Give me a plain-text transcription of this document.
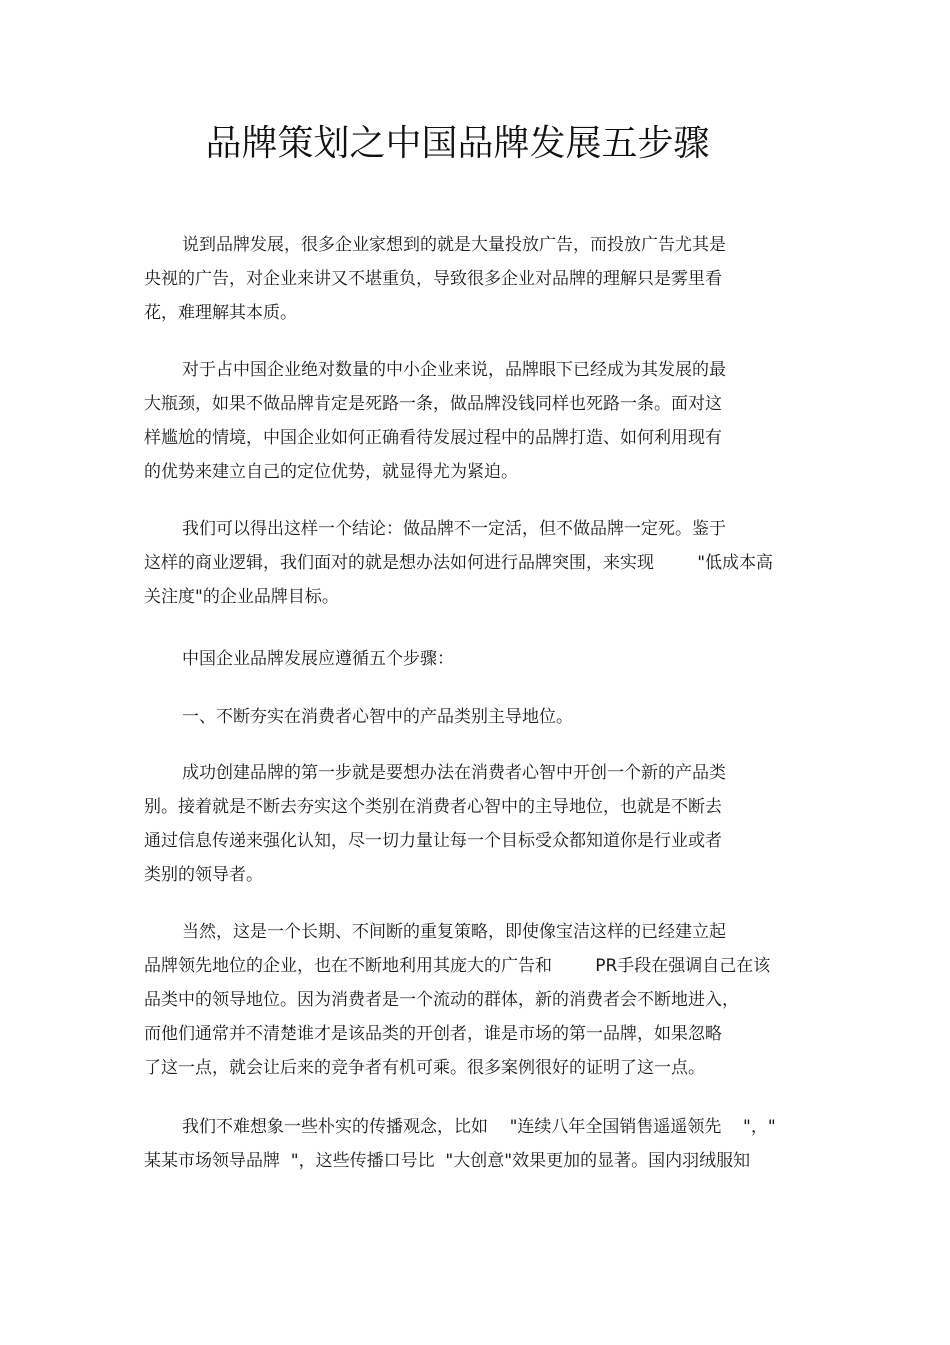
品牌策划之中国品牌发展五步骤
说到品牌发展，很多企业家想到的就是大量投放广告，而投放广告尤其是
央视的广告，对企业来讲又不堪重负，导致很多企业对品牌的理解只是雾里看
花，难理解其本质。
对于占中国企业绝对数量的中小企业来说，品牌眼下已经成为其发展的最
大瓶颈，如果不做品牌肯定是死路一条，做品牌没钱同样也死路一条。面对这
样尴尬的情境，中国企业如何正确看待发展过程中的品牌打造、如何利用现有
的优势来建立自己的定位优势，就显得尤为紧迫。
我们可以得出这样一个结论：做品牌不一定活，但不做品牌一定死。鉴于
这样的商业逻辑，我们面对的就是想办法如何进行品牌突围，来实现        "低成本高
关注度"的企业品牌目标。
中国企业品牌发展应遵循五个步骤：
一、不断夯实在消费者心智中的产品类别主导地位。
成功创建品牌的第一步就是要想办法在消费者心智中开创一个新的产品类
别。接着就是不断去夯实这个类别在消费者心智中的主导地位，也就是不断去
通过信息传递来强化认知，尽一切力量让每一个目标受众都知道你是行业或者
类别的领导者。
当然，这是一个长期、不间断的重复策略，即使像宝洁这样的已经建立起
品牌领先地位的企业，也在不断地利用其庞大的广告和        PR手段在强调自己在该
品类中的领导地位。因为消费者是一个流动的群体，新的消费者会不断地进入，
而他们通常并不清楚谁才是该品类的开创者，谁是市场的第一品牌，如果忽略
了这一点，就会让后来的竞争者有机可乘。很多案例很好的证明了这一点。
我们不难想象一些朴实的传播观念，比如    "连续八年全国销售遥遥领先    "，"
某某市场领导品牌  "，这些传播口号比  "大创意"效果更加的显著。国内羽绒服知
